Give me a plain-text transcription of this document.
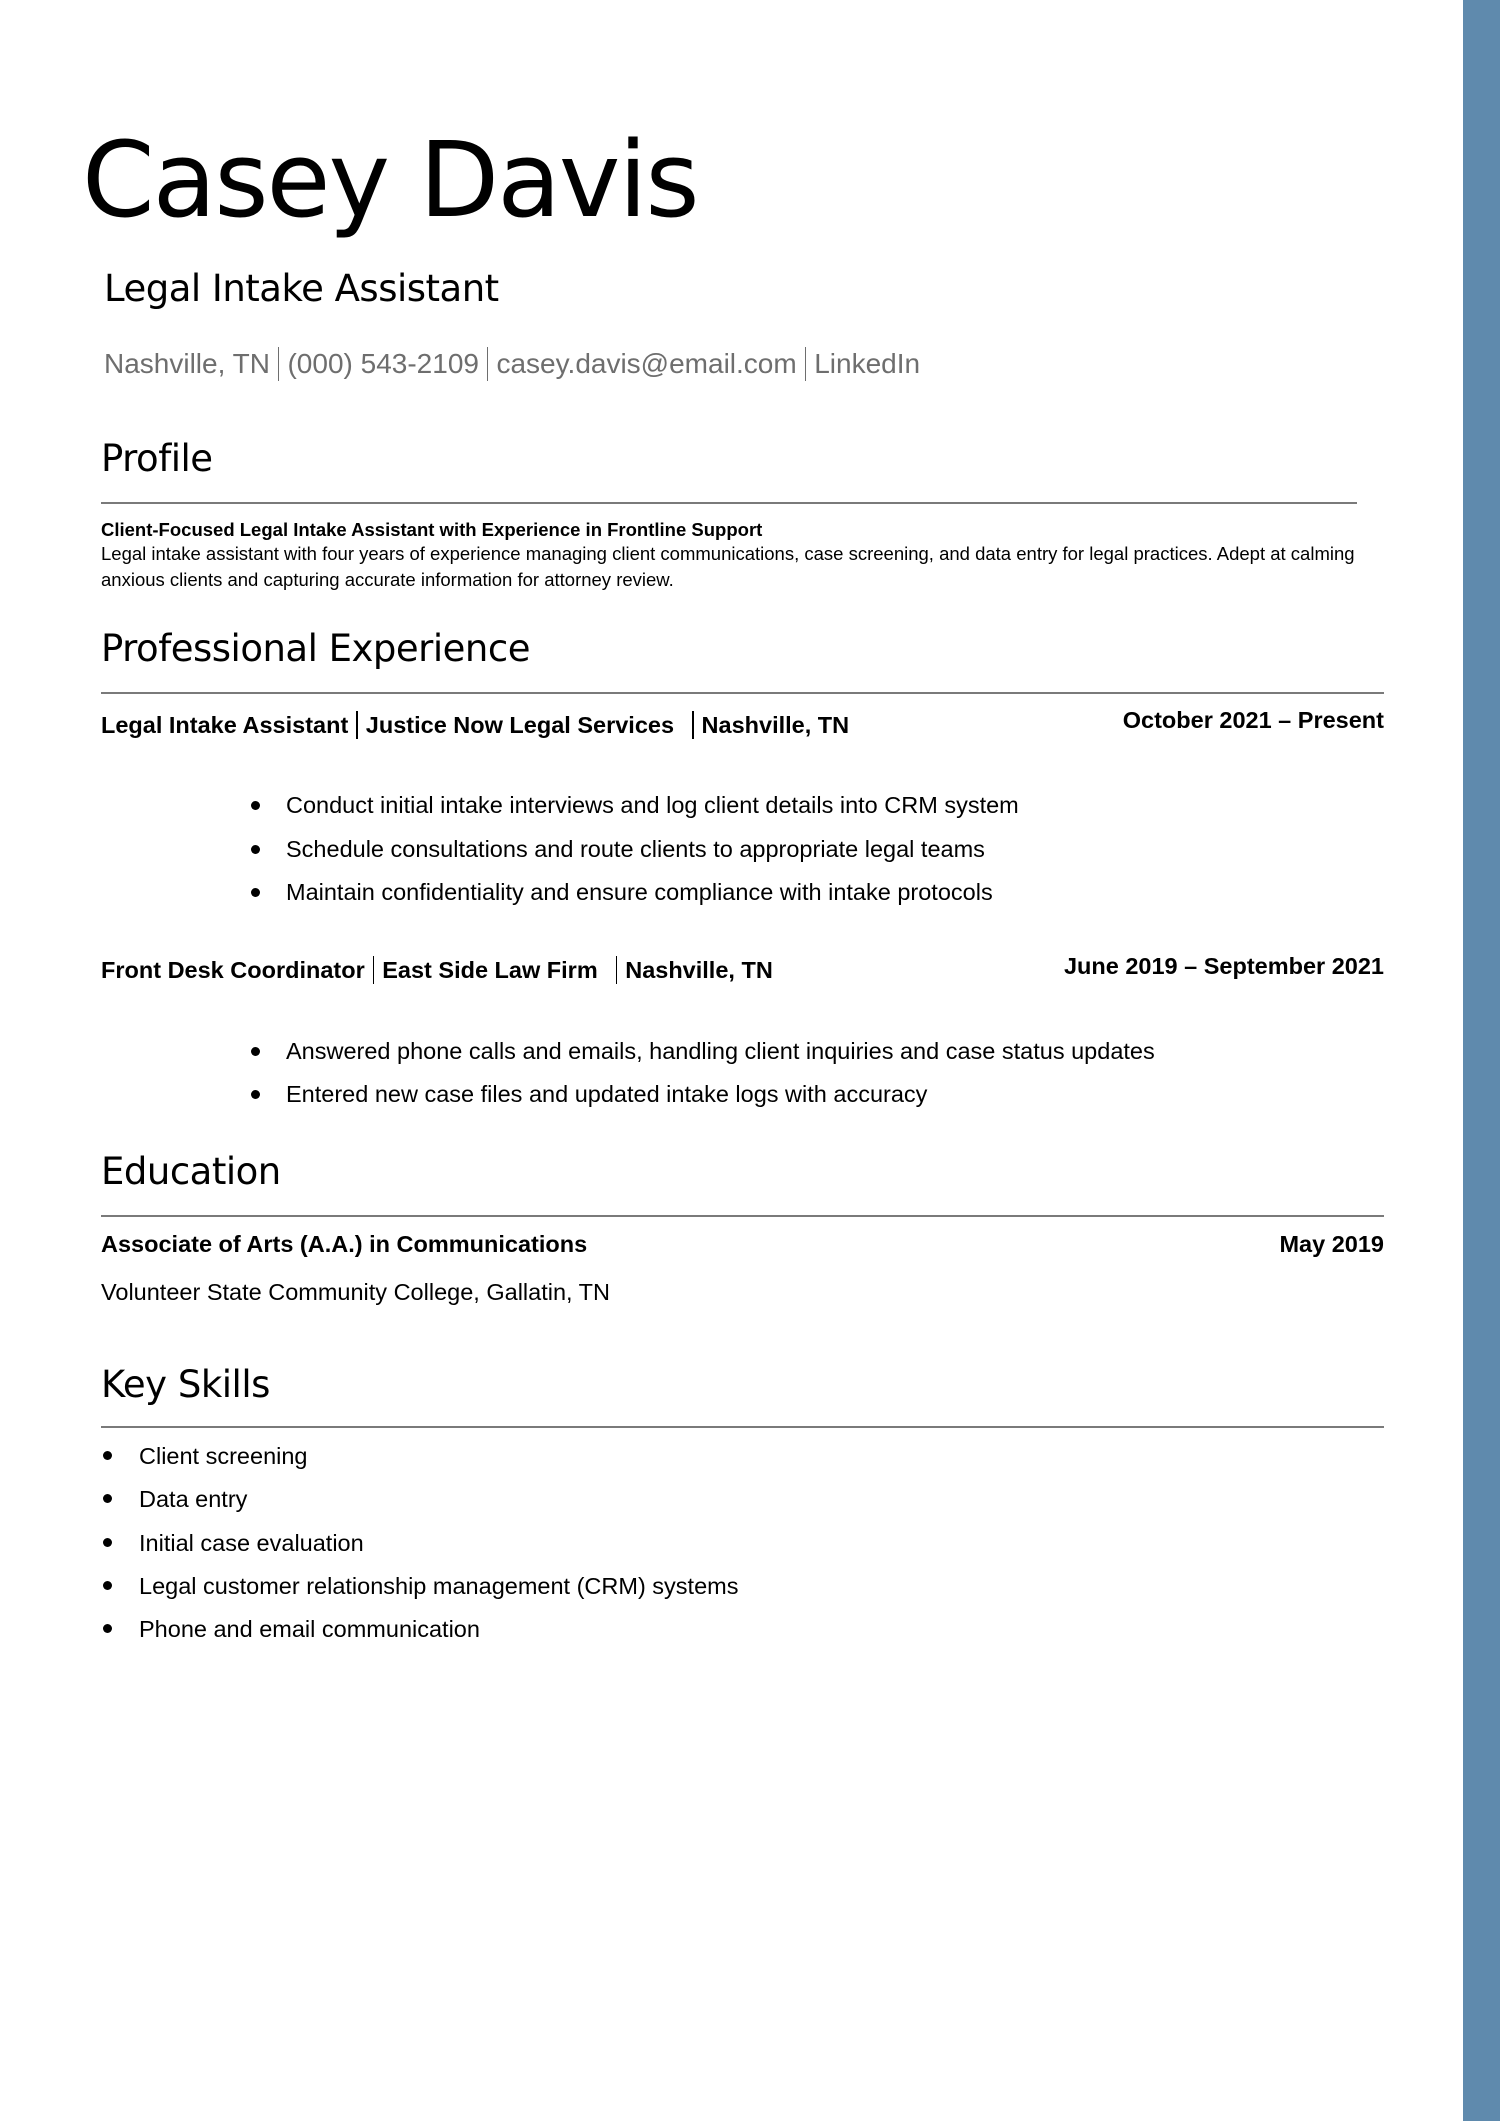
Casey Davis
Legal Intake Assistant
Nashville, TN (000) 543-2109 casey.davis@email.com LinkedIn
Profile
Client-Focused Legal Intake Assistant with Experience in Frontline Support
Legal intake assistant with four years of experience managing client communications, case screening, and data entry for legal practices. Adept at calming anxious clients and capturing accurate information for attorney review.
Professional Experience
Legal Intake Assistant Justice Now Legal Services Nashville, TN	October 2021 – Present
Conduct initial intake interviews and log client details into CRM system
Schedule consultations and route clients to appropriate legal teams
Maintain confidentiality and ensure compliance with intake protocols
Front Desk Coordinator East Side Law Firm Nashville, TN	June 2019 – September 2021
Answered phone calls and emails, handling client inquiries and case status updates
Entered new case files and updated intake logs with accuracy
Education
Associate of Arts (A.A.) in Communications	May 2019
Volunteer State Community College, Gallatin, TN
Key Skills
Client screening
Data entry
Initial case evaluation
Legal customer relationship management (CRM) systems
Phone and email communication
